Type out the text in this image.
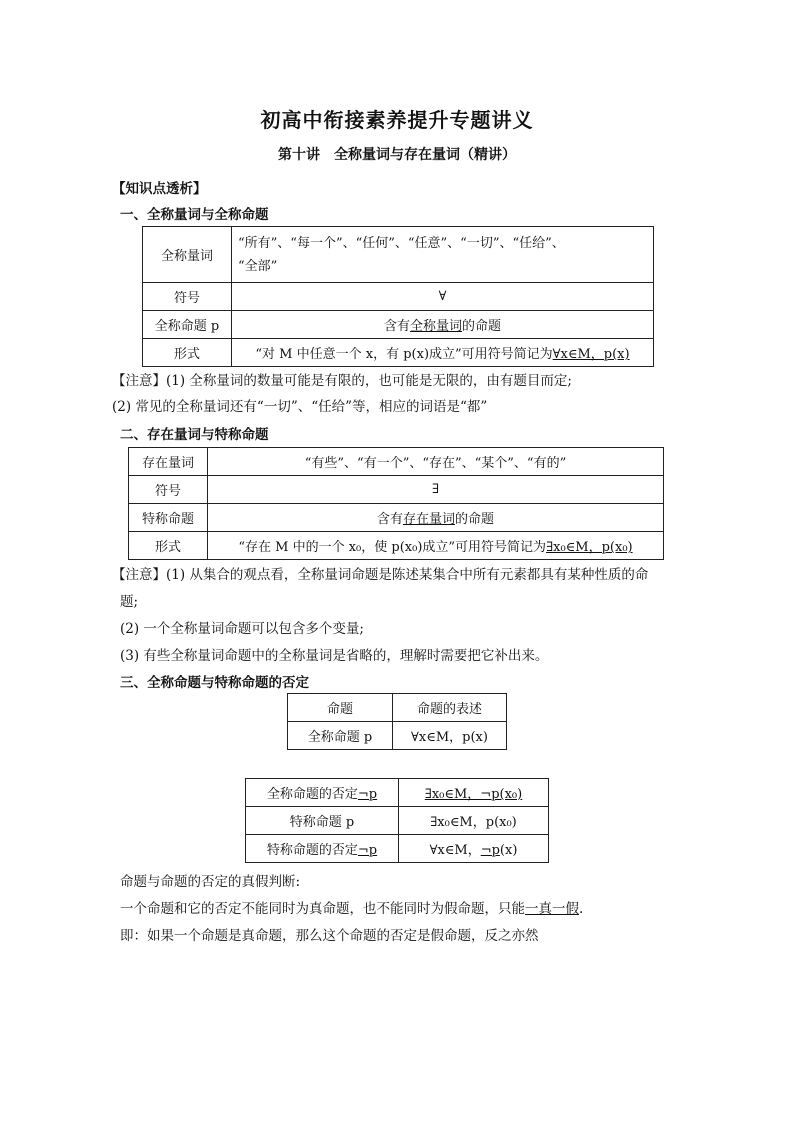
初高中衔接素养提升专题讲义
第十讲　全称量词与存在量词（精讲）
【知识点透析】
一、全称量词与全称命题
全称量词	“所有”、“每一个”、“任何”、“任意”、“一切”、“任给”、
“全部”

符号	∀
全称命题 p	含有全称量词的命题
形式	“对 M 中任意一个 x，有 p(x)成立”可用符号简记为∀x∈M，p(x)
【注意】(1) 全称量词的数量可能是有限的，也可能是无限的，由有题目而定;
(2) 常见的全称量词还有“一切”、“任给”等，相应的词语是“都”
二、存在量词与特称命题
存在量词	“有些”、“有一个”、“存在”、“某个”、“有的”
符号	∃
特称命题	含有存在量词的命题
形式	“存在 M 中的一个 x₀，使 p(x₀)成立”可用符号简记为∃x₀∈M，p(x₀)
【注意】(1) 从集合的观点看，全称量词命题是陈述某集合中所有元素都具有某种性质的命
题;
(2) 一个全称量词命题可以包含多个变量;
(3) 有些全称量词命题中的全称量词是省略的，理解时需要把它补出来。
三、全称命题与特称命题的否定
命题	命题的表述
全称命题 p	∀x∈M，p(x)
全称命题的否定¬p	∃x₀∈M，¬p(x₀)
特称命题 p	∃x₀∈M，p(x₀)
特称命题的否定¬p	∀x∈M，¬p(x)
命题与命题的否定的真假判断:
一个命题和它的否定不能同时为真命题，也不能同时为假命题，只能一真一假.
即：如果一个命题是真命题，那么这个命题的否定是假命题，反之亦然
